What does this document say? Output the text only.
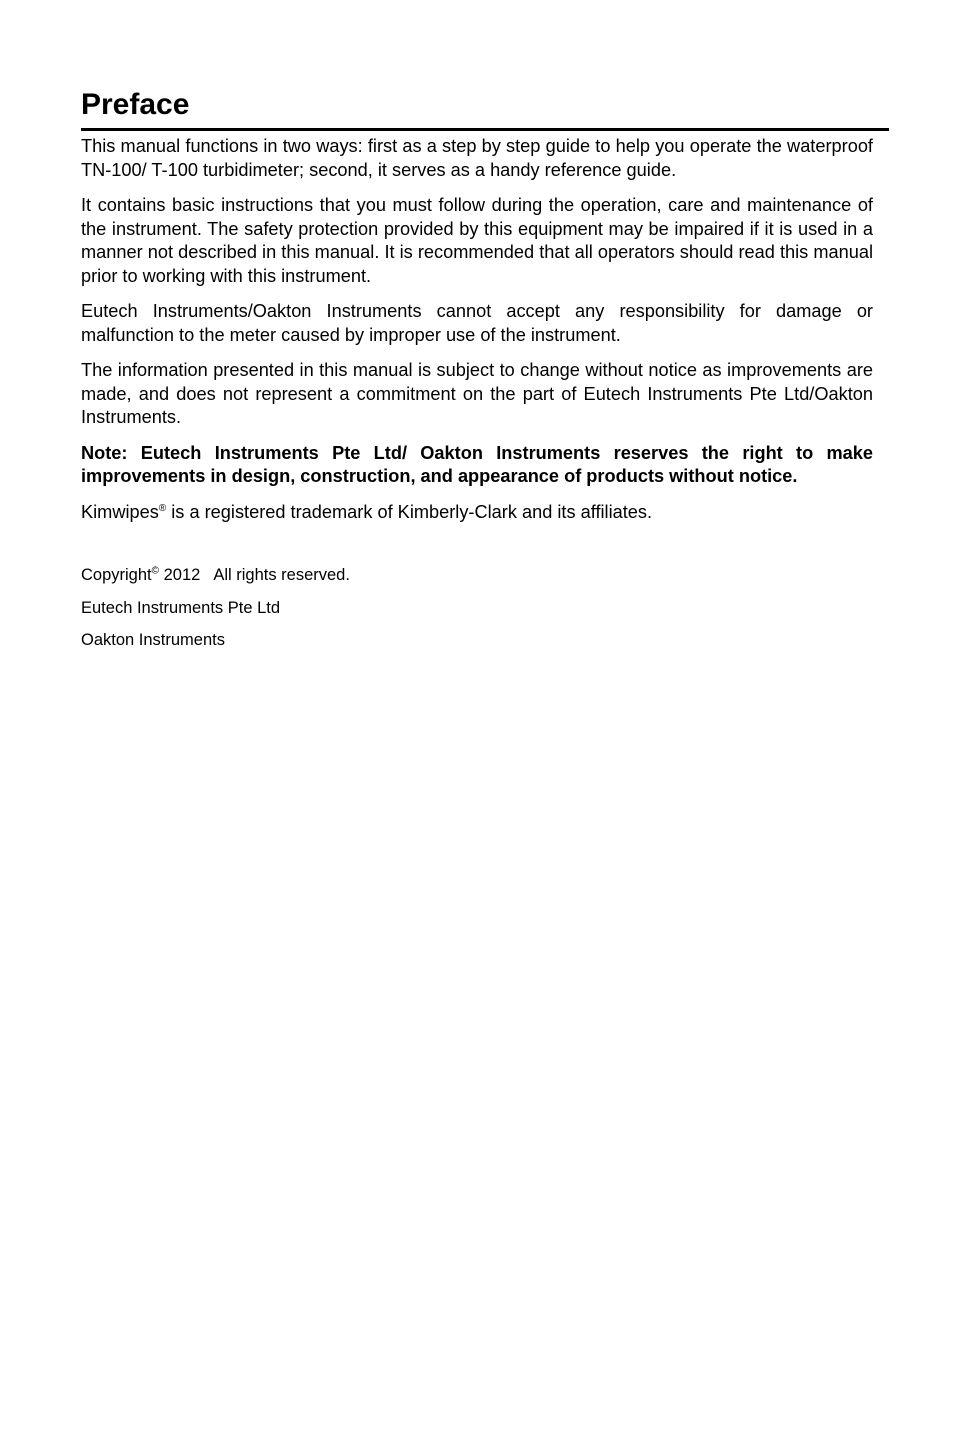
Preface

This manual functions in two ways: first as a step by step guide to help you operate the waterproof TN-100/ T-100 turbidimeter; second, it serves as a handy reference guide.

It contains basic instructions that you must follow during the operation, care and maintenance of the instrument. The safety protection provided by this equipment may be impaired if it is used in a manner not described in this manual. It is recommended that all operators should read this manual prior to working with this instrument.

Eutech Instruments/Oakton Instruments cannot accept any responsibility for damage or malfunction to the meter caused by improper use of the instrument.

The information presented in this manual is subject to change without notice as improvements are made, and does not represent a commitment on the part of Eutech Instruments Pte Ltd/Oakton Instruments.

Note: Eutech Instruments Pte Ltd/ Oakton Instruments reserves the right to make improvements in design, construction, and appearance of products without notice.

Kimwipes® is a registered trademark of Kimberly-Clark and its affiliates.

Copyright© 2012 All rights reserved.

Eutech Instruments Pte Ltd

Oakton Instruments
